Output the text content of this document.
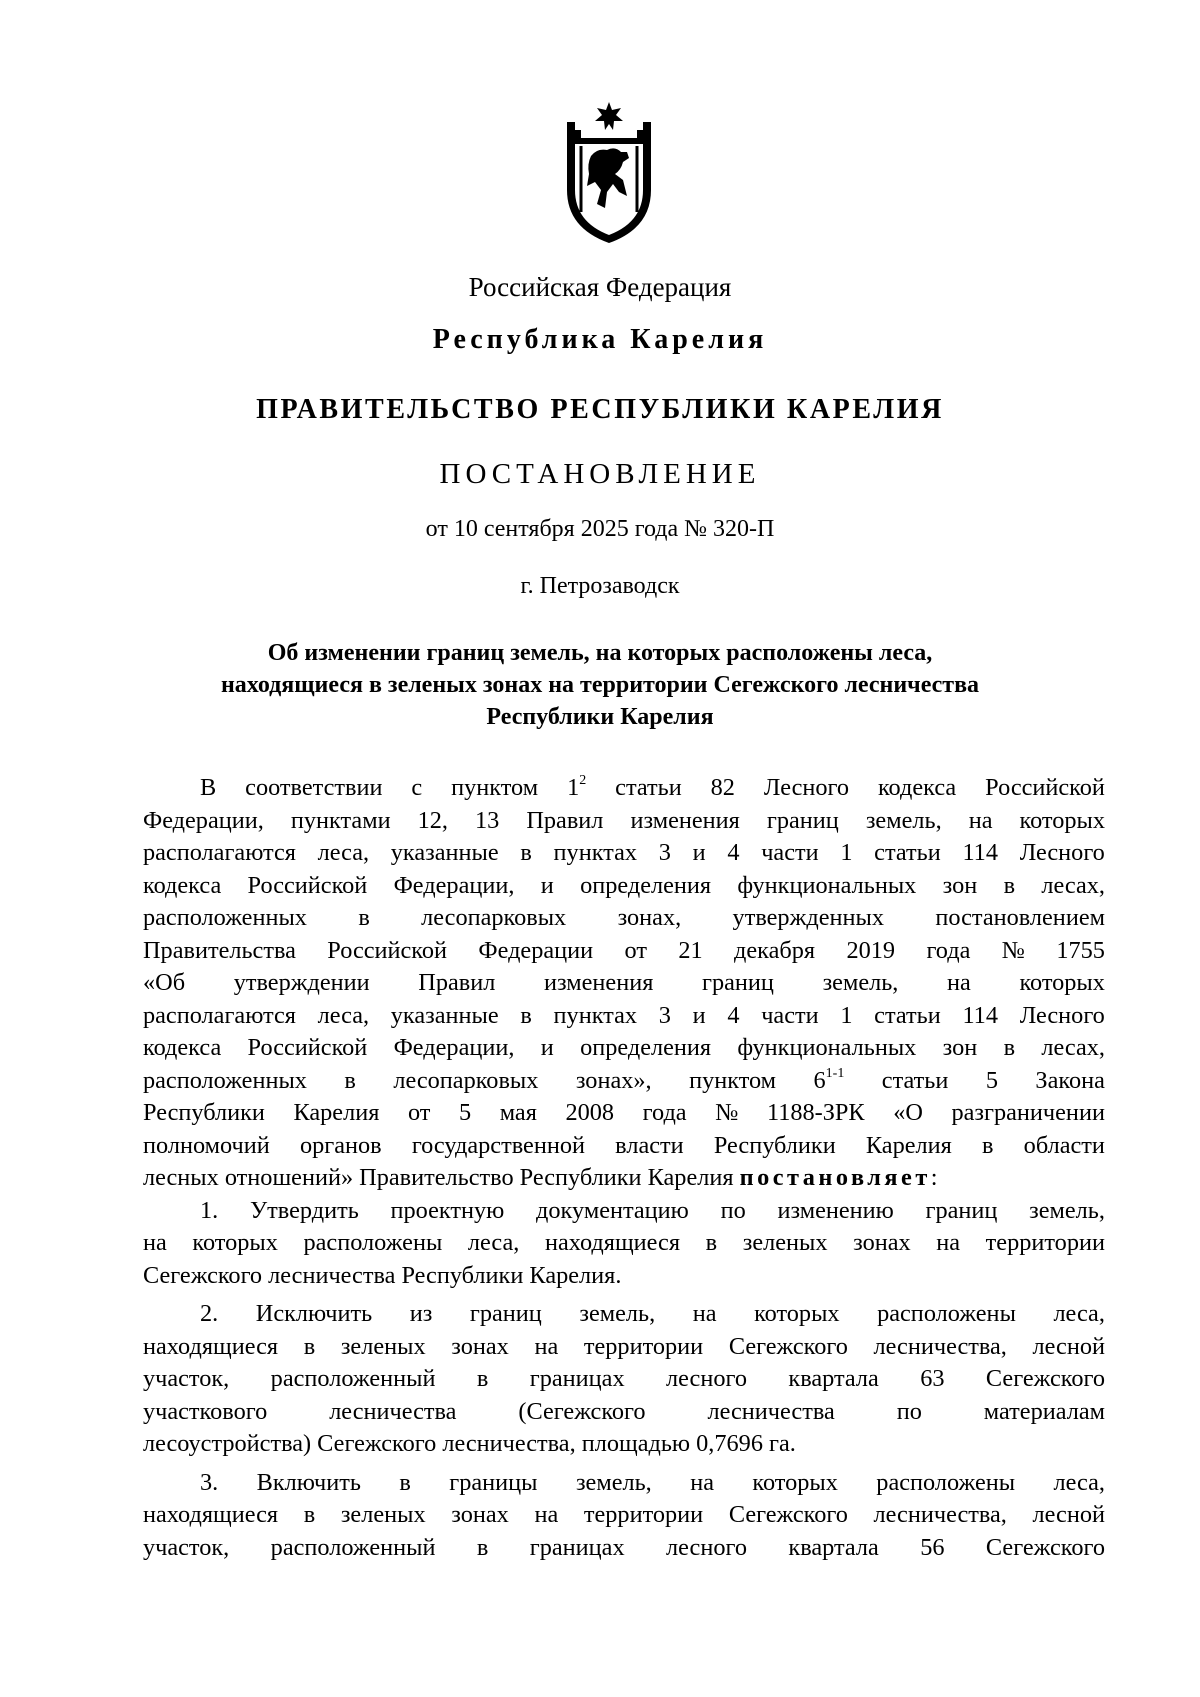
Российская Федерация
Республика Карелия
ПРАВИТЕЛЬСТВО РЕСПУБЛИКИ КАРЕЛИЯ
ПОСТАНОВЛЕНИЕ
от 10 сентября 2025 года № 320-П
г. Петрозаводск
Об изменении границ земель, на которых расположены леса,
находящиеся в зеленых зонах на территории Сегежского лесничества
Республики Карелия
В соответствии с пунктом $1^2$ статьи 82 Лесного кодекса Российской
Федерации, пунктами 12, 13 Правил изменения границ земель, на которых
располагаются леса, указанные в пунктах 3 и 4 части 1 статьи 114 Лесного
кодекса Российской Федерации, и определения функциональных зон в лесах,
расположенных в лесопарковых зонах, утвержденных постановлением
Правительства Российской Федерации от 21 декабря 2019 года № 1755
«Об утверждении Правил изменения границ земель, на которых
располагаются леса, указанные в пунктах 3 и 4 части 1 статьи 114 Лесного
кодекса Российской Федерации, и определения функциональных зон в лесах,
расположенных в лесопарковых зонах», пунктом 6$^{1-1}$ статьи 5 Закона
Республики Карелия от 5 мая 2008 года № 1188-ЗРК «О разграничении
полномочий органов государственной власти Республики Карелия в области
лесных отношений» Правительство Республики Карелия постановляет :
1. Утвердить проектную документацию по изменению границ земель,
на которых расположены леса, находящиеся в зеленых зонах на территории
Сегежского лесничества Республики Карелия.
2. Исключить из границ земель, на которых расположены леса,
находящиеся в зеленых зонах на территории Сегежского лесничества, лесной
участок, расположенный в границах лесного квартала 63 Сегежского
участкового	лесничества	(Сегежского	лесничества	по	материалам
лесоустройства) Сегежского лесничества, площадью 0,7696 га.
3. Включить в границы земель, на которых расположены леса,
находящиеся в зеленых зонах на территории Сегежского лесничества, лесной
участок, расположенный в границах лесного квартала 56 Сегежского
